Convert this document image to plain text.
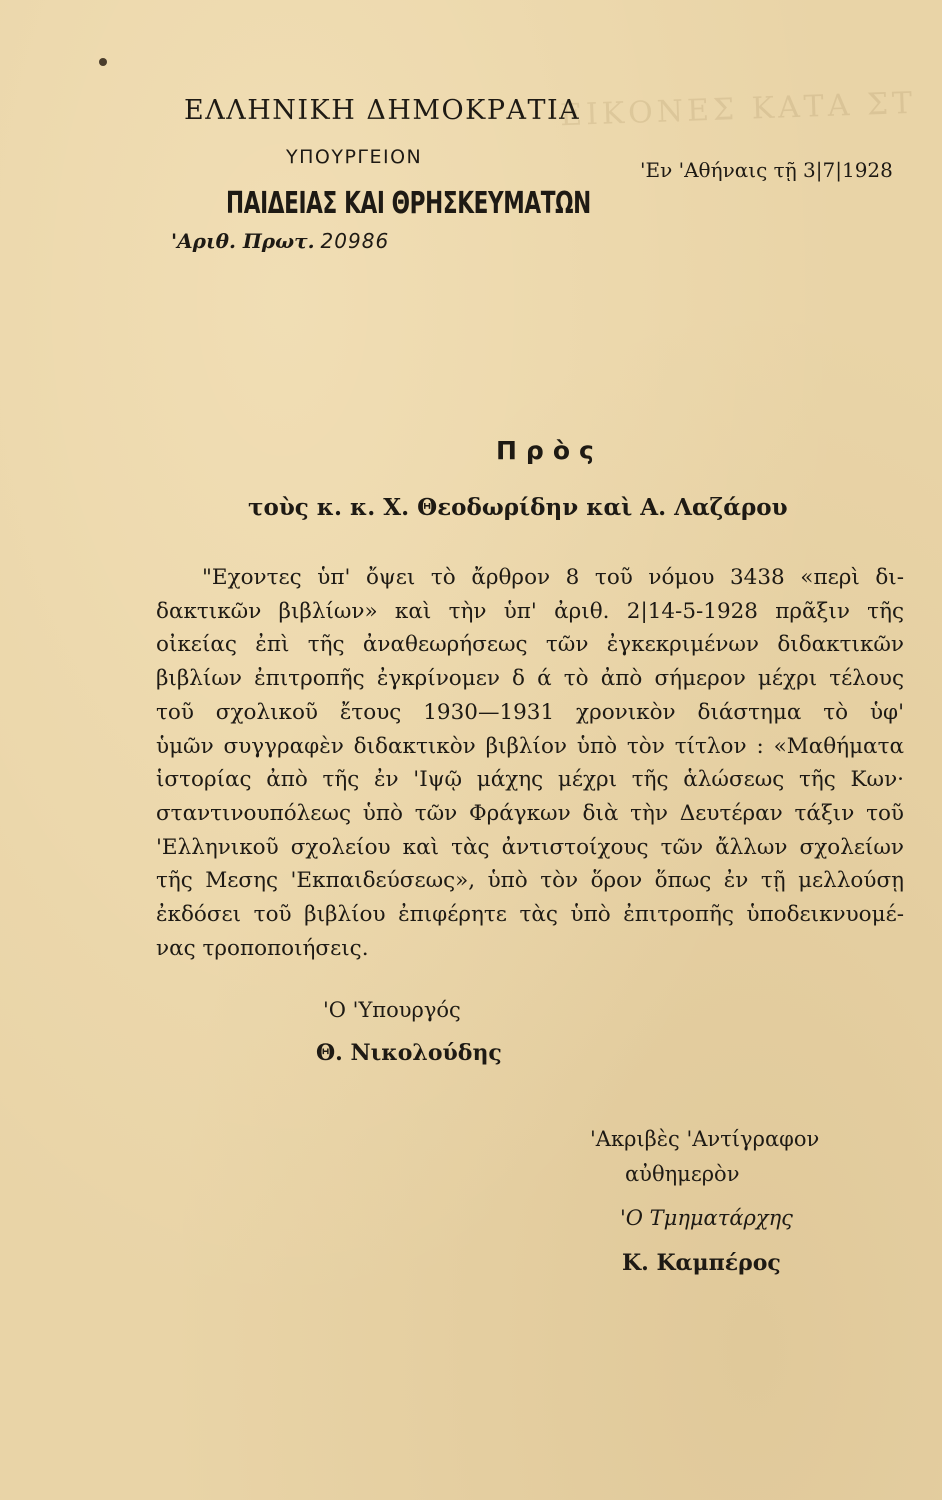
ΕΙΚΟΝΕΣ ΚΑΤΑ ΣΤ
ΕΛΛΗΝΙΚΗ ΔΗΜΟΚΡΑΤΙΑ
ΥΠΟΥΡΓΕΙΟΝ
ΠΑΙΔΕΙΑΣ ΚΑΙ ΘΡΗΣΚΕΥΜΑΤΩΝ
'Αριθ. Πρωτ. 20986
'Εν 'Αθήναις τῇ 3|7|1928
Πρὸς
τοὺς κ. κ. Χ. Θεοδωρίδην καὶ Α. Λαζάρου
"Εχοντες ὑπ' ὄψει τὸ ἄρθρον 8 τοῦ νόμου 3438 «περὶ δι-
δακτικῶν βιβλίων» καὶ τὴν ὑπ' ἀριθ. 2|14-5-1928 πρᾶξιν τῆς
οἰκείας ἐπὶ τῆς ἀναθεωρήσεως τῶν ἐγκεκριμένων διδακτικῶν
βιβλίων ἐπιτροπῆς ἐγκρίνομεν δ ά τὸ ἀπὸ σήμερον μέχρι τέλους
τοῦ σχολικοῦ ἔτους 1930—1931 χρονικὸν διάστημα τὸ ὑφ'
ὑμῶν συγγραφὲν διδακτικὸν βιβλίον ὑπὸ τὸν τίτλον : «Μαθήματα
ἱστορίας ἀπὸ τῆς ἐν 'Ιψῷ μάχης μέχρι τῆς ἁλώσεως τῆς Κων·
σταντινουπόλεως ὑπὸ τῶν Φράγκων διὰ τὴν Δευτέραν τάξιν τοῦ
'Ελληνικοῦ σχολείου καὶ τὰς ἀντιστοίχους τῶν ἄλλων σχολείων
τῆς Μεσης 'Εκπαιδεύσεως», ὑπὸ τὸν ὅρον ὅπως ἐν τῇ μελλούσῃ
ἐκδόσει τοῦ βιβλίου ἐπιφέρητε τὰς ὑπὸ ἐπιτροπῆς ὑποδεικνυομέ-
νας τροποποιήσεις.
'Ο 'Υπουργός
Θ. Νικολούδης
'Ακριβὲς 'Αντίγραφον
αὐθημερὸν
'Ο Τμηματάρχης
Κ. Καμπέρος
